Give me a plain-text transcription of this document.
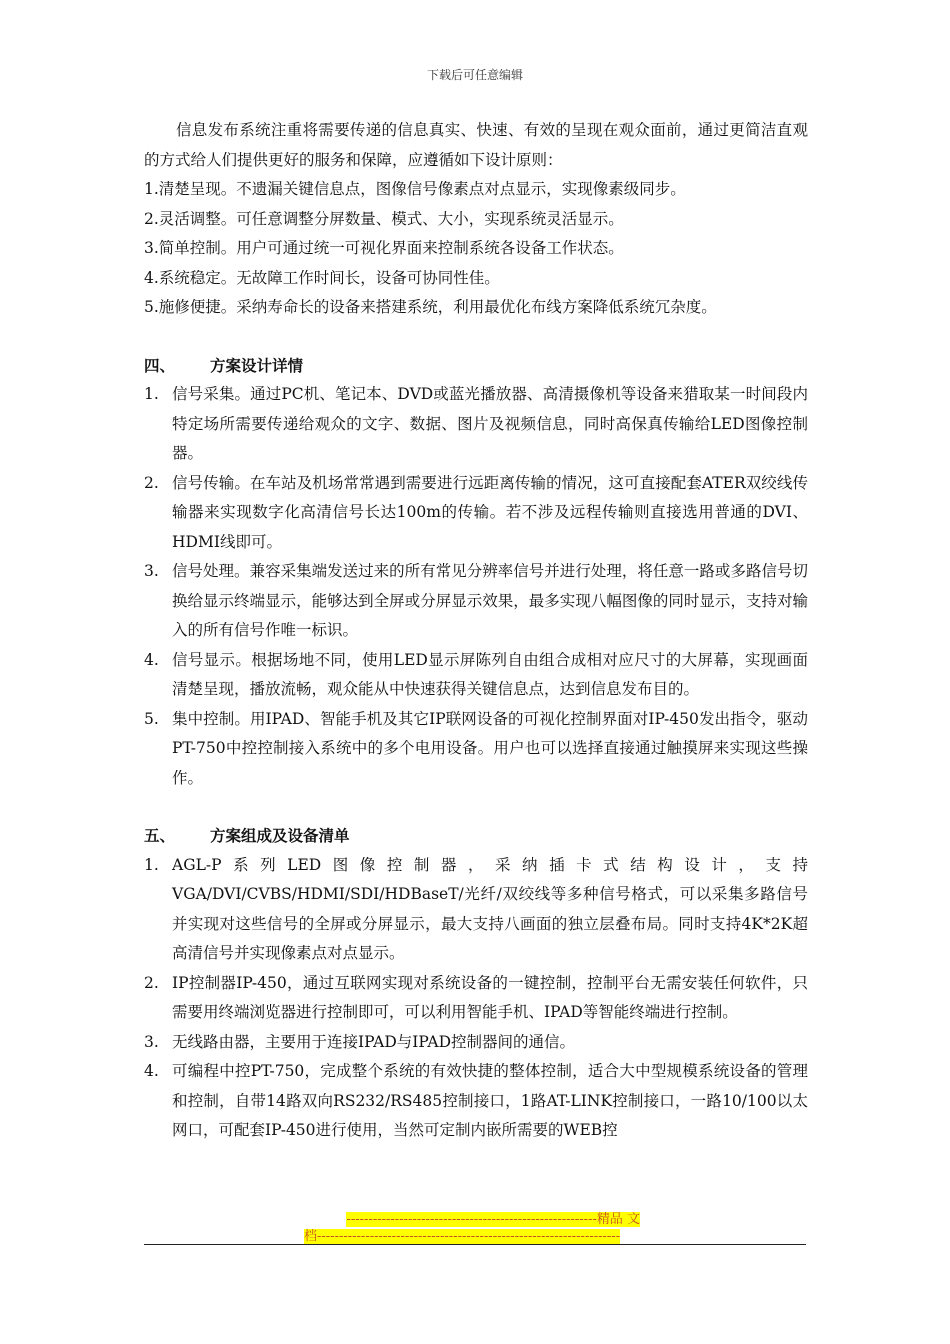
下载后可任意编辑

信息发布系统注重将需要传递的信息真实、快速、有效的呈现在观众面前，通过更简洁直观的方式给人们提供更好的服务和保障，应遵循如下设计原则：

1.清楚呈现。不遗漏关键信息点，图像信号像素点对点显示，实现像素级同步。

2.灵活调整。可任意调整分屏数量、模式、大小，实现系统灵活显示。

3.简单控制。用户可通过统一可视化界面来控制系统各设备工作状态。

4.系统稳定。无故障工作时间长，设备可协同性佳。

5.施修便捷。采纳寿命长的设备来搭建系统，利用最优化布线方案降低系统冗杂度。

四、	方案设计详情
1. 信号采集。通过PC机、笔记本、DVD或蓝光播放器、高清摄像机等设备来猎取某一时间段内特定场所需要传递给观众的文字、数据、图片及视频信息，同时高保真传输给LED图像控制器。
2. 信号传输。在车站及机场常常遇到需要进行远距离传输的情况，这可直接配套ATER双绞线传输器来实现数字化高清信号长达100m的传输。若不涉及远程传输则直接选用普通的DVI、HDMI线即可。
3. 信号处理。兼容采集端发送过来的所有常见分辨率信号并进行处理，将任意一路或多路信号切换给显示终端显示，能够达到全屏或分屏显示效果，最多实现八幅图像的同时显示，支持对输入的所有信号作唯一标识。
4. 信号显示。根据场地不同，使用LED显示屏陈列自由组合成相对应尺寸的大屏幕，实现画面清楚呈现，播放流畅，观众能从中快速获得关键信息点，达到信息发布目的。
5. 集中控制。用IPAD、智能手机及其它IP联网设备的可视化控制界面对IP-450发出指令，驱动PT-750中控控制接入系统中的多个电用设备。用户也可以选择直接通过触摸屏来实现这些操作。
五、	方案组成及设备清单
1. AGL-P系列LED图像控制器，采纳插卡式结构设计，支持VGA/DVI/CVBS/HDMI/SDI/HDBaseT/光纤/双绞线等多种信号格式，可以采集多路信号并实现对这些信号的全屏或分屏显示，最大支持八画面的独立层叠布局。同时支持4K*2K超高清信号并实现像素点对点显示。
2. IP控制器IP-450，通过互联网实现对系统设备的一键控制，控制平台无需安装任何软件，只需要用终端浏览器进行控制即可，可以利用智能手机、IPAD等智能终端进行控制。
3. 无线路由器，主要用于连接IPAD与IPAD控制器间的通信。
4. 可编程中控PT-750，完成整个系统的有效快捷的整体控制，适合大中型规模系统设备的管理和控制，自带14路双向RS232/RS485控制接口，1路AT-LINK控制接口，一路10/100以太网口，可配套IP-450进行使用，当然可定制内嵌所需要的WEB控
---------------------------------------------------------精品 文
档---------------------------------------------------------------------
